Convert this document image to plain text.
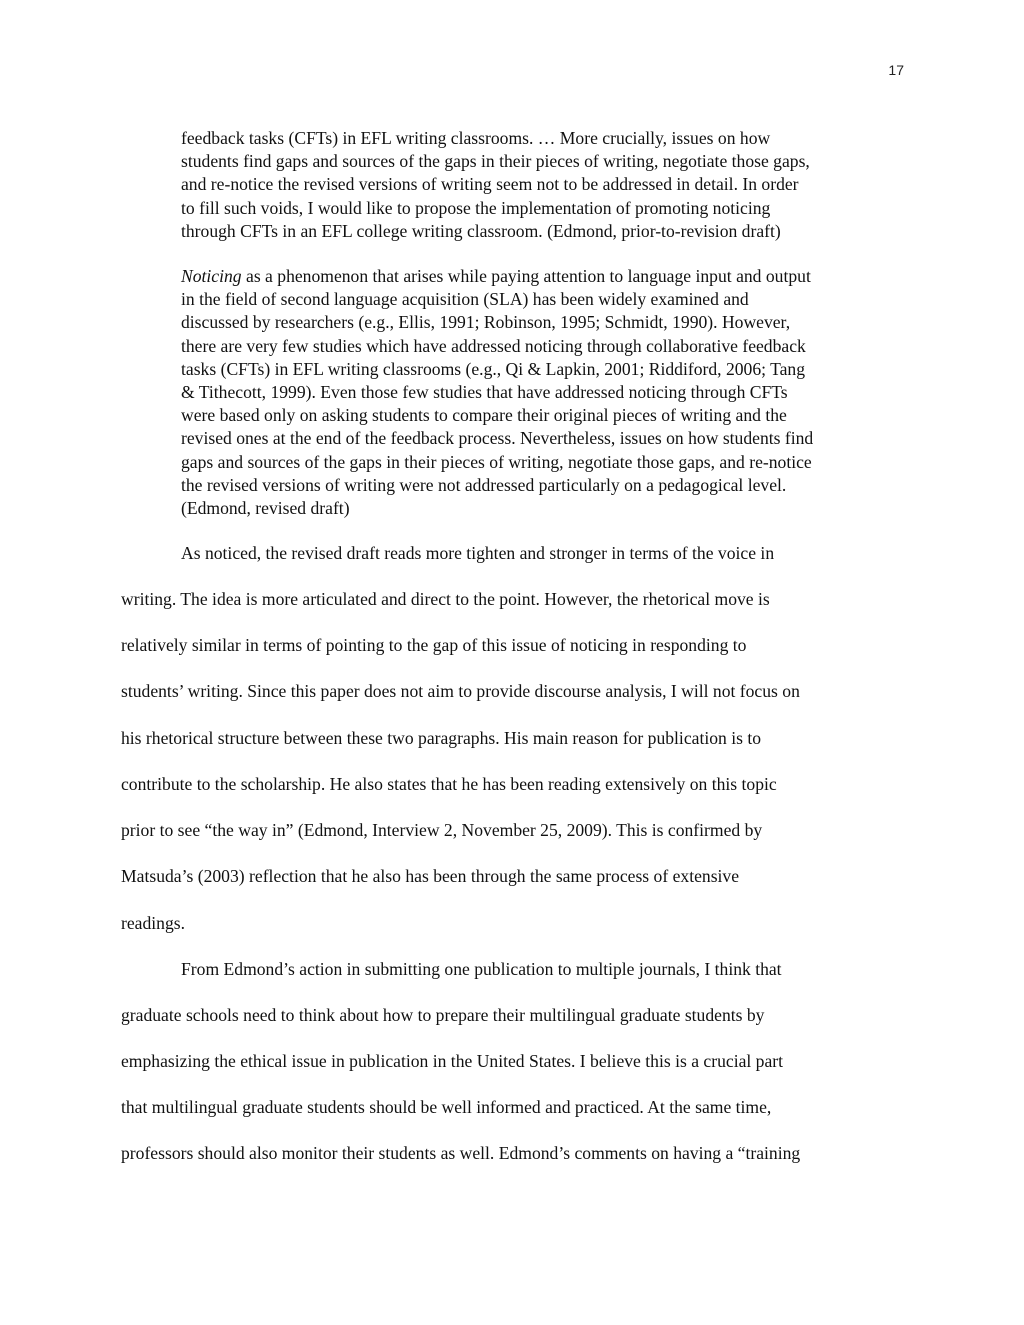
17
feedback tasks (CFTs) in EFL writing classrooms. … More crucially, issues on how
students find gaps and sources of the gaps in their pieces of writing, negotiate those gaps,
and re-notice the revised versions of writing seem not to be addressed in detail. In order
to fill such voids, I would like to propose the implementation of promoting noticing
through CFTs in an EFL college writing classroom. (Edmond, prior-to-revision draft)
Noticing as a phenomenon that arises while paying attention to language input and output
in the field of second language acquisition (SLA) has been widely examined and
discussed by researchers (e.g., Ellis, 1991; Robinson, 1995; Schmidt, 1990). However,
there are very few studies which have addressed noticing through collaborative feedback
tasks (CFTs) in EFL writing classrooms (e.g., Qi & Lapkin, 2001; Riddiford, 2006; Tang
& Tithecott, 1999). Even those few studies that have addressed noticing through CFTs
were based only on asking students to compare their original pieces of writing and the
revised ones at the end of the feedback process. Nevertheless, issues on how students find
gaps and sources of the gaps in their pieces of writing, negotiate those gaps, and re-notice
the revised versions of writing were not addressed particularly on a pedagogical level.
(Edmond, revised draft)
As noticed, the revised draft reads more tighten and stronger in terms of the voice in
writing. The idea is more articulated and direct to the point. However, the rhetorical move is
relatively similar in terms of pointing to the gap of this issue of noticing in responding to
students’ writing. Since this paper does not aim to provide discourse analysis, I will not focus on
his rhetorical structure between these two paragraphs. His main reason for publication is to
contribute to the scholarship. He also states that he has been reading extensively on this topic
prior to see “the way in” (Edmond, Interview 2, November 25, 2009). This is confirmed by
Matsuda’s (2003) reflection that he also has been through the same process of extensive
readings.
From Edmond’s action in submitting one publication to multiple journals, I think that
graduate schools need to think about how to prepare their multilingual graduate students by
emphasizing the ethical issue in publication in the United States. I believe this is a crucial part
that multilingual graduate students should be well informed and practiced. At the same time,
professors should also monitor their students as well. Edmond’s comments on having a “training
